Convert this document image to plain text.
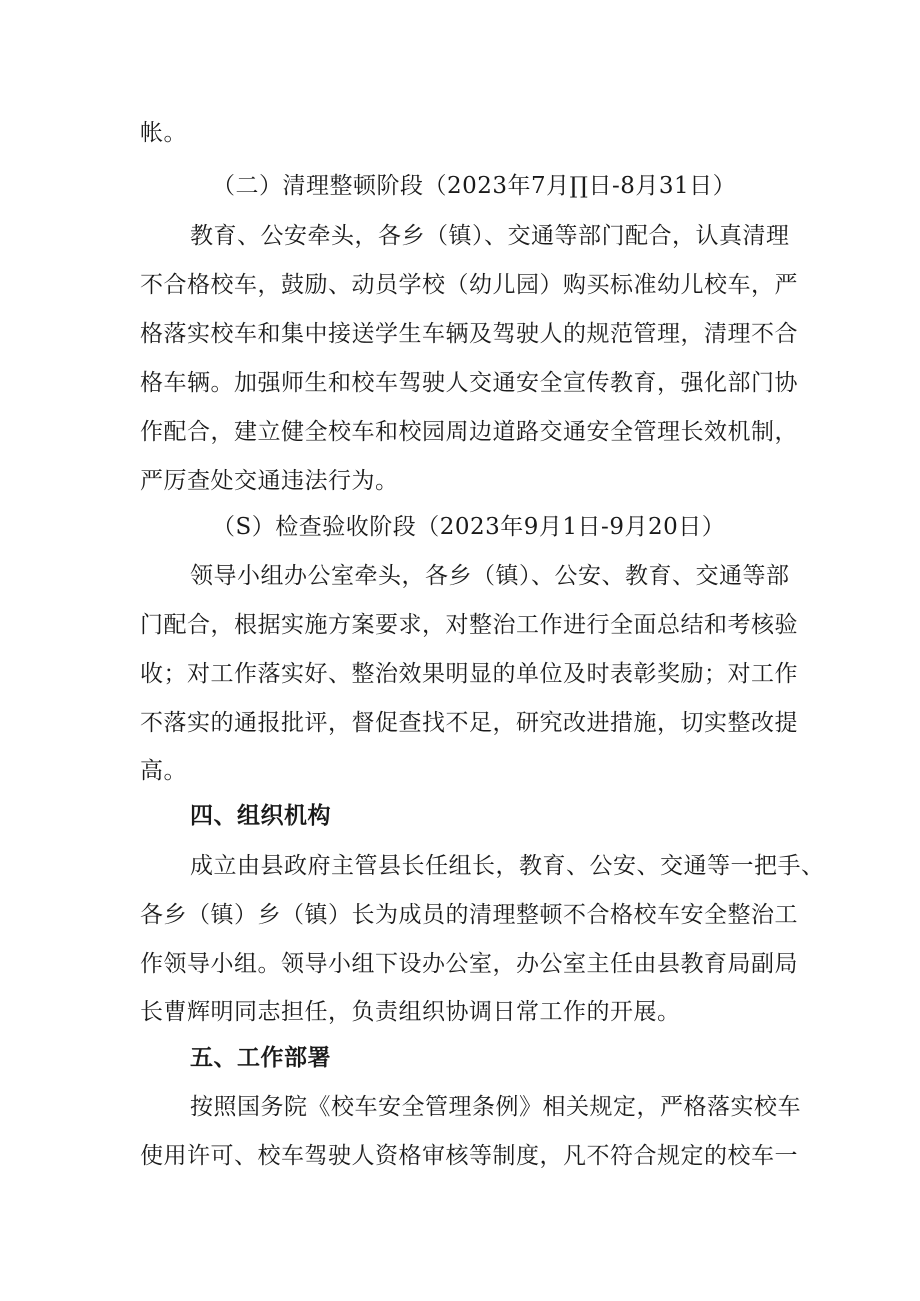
帐。
（二）清理整顿阶段（2023年7月∏日-8月31日）
教育、公安牵头，各乡（镇）、交通等部门配合，认真清理
不合格校车，鼓励、动员学校（幼儿园）购买标准幼儿校车，严
格落实校车和集中接送学生车辆及驾驶人的规范管理，清理不合
格车辆。加强师生和校车驾驶人交通安全宣传教育，强化部门协
作配合，建立健全校车和校园周边道路交通安全管理长效机制，
严厉查处交通违法行为。
（S）检查验收阶段（2023年9月1日-9月20日）
领导小组办公室牵头，各乡（镇）、公安、教育、交通等部
门配合，根据实施方案要求，对整治工作进行全面总结和考核验
收；对工作落实好、整治效果明显的单位及时表彰奖励；对工作
不落实的通报批评，督促查找不足，研究改进措施，切实整改提
高。
四、组织机构
成立由县政府主管县长任组长，教育、公安、交通等一把手、
各乡（镇）乡（镇）长为成员的清理整顿不合格校车安全整治工
作领导小组。领导小组下设办公室，办公室主任由县教育局副局
长曹辉明同志担任，负责组织协调日常工作的开展。
五、工作部署
按照国务院《校车安全管理条例》相关规定，严格落实校车
使用许可、校车驾驶人资格审核等制度，凡不符合规定的校车一
